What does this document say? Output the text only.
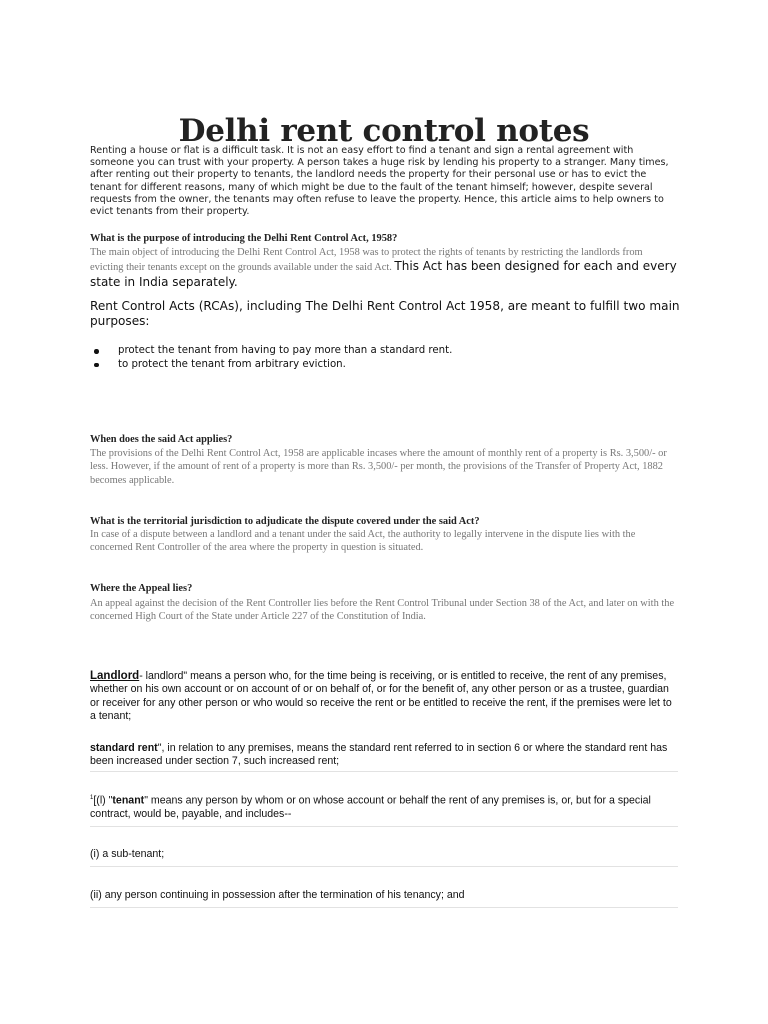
Delhi rent control notes
Renting a house or flat is a difficult task. It is not an easy effort to find a tenant and sign a rental agreement with someone you can trust with your property. A person takes a huge risk by lending his property to a stranger. Many times, after renting out their property to tenants, the landlord needs the property for their personal use or has to evict the tenant for different reasons, many of which might be due to the fault of the tenant himself; however, despite several requests from the owner, the tenants may often refuse to leave the property. Hence, this article aims to help owners to evict tenants from their property.
What is the purpose of introducing the Delhi Rent Control Act, 1958?
The main object of introducing the Delhi Rent Control Act, 1958 was to protect the rights of tenants by restricting the landlords from evicting their tenants except on the grounds available under the said Act. This Act has been designed for each and every state in India separately.
Rent Control Acts (RCAs), including The Delhi Rent Control Act 1958, are meant to fulfill two main purposes:
protect the tenant from having to pay more than a standard rent.
to protect the tenant from arbitrary eviction.
When does the said Act applies?
The provisions of the Delhi Rent Control Act, 1958 are applicable incases where the amount of monthly rent of a property is Rs. 3,500/- or less. However, if the amount of rent of a property is more than Rs. 3,500/- per month, the provisions of the Transfer of Property Act, 1882 becomes applicable.
What is the territorial jurisdiction to adjudicate the dispute covered under the said Act?
In case of a dispute between a landlord and a tenant under the said Act, the authority to legally intervene in the dispute lies with the concerned Rent Controller of the area where the property in question is situated.
Where the Appeal lies?
An appeal against the decision of the Rent Controller lies before the Rent Control Tribunal under Section 38 of the Act, and later on with the concerned High Court of the State under Article 227 of the Constitution of India.
Landlord- landlord" means a person who, for the time being is receiving, or is entitled to receive, the rent of any premises, whether on his own account or on account of or on behalf of, or for the benefit of, any other person or as a trustee, guardian or receiver for any other person or who would so receive the rent or be entitled to receive the rent, if the premises were let to a tenant;
standard rent", in relation to any premises, means the standard rent referred to in section 6 or where the standard rent has been increased under section 7, such increased rent;
$^1$[(l) "tenant" means any person by whom or on whose account or behalf the rent of any premises is, or, but for a special contract, would be, payable, and includes--
(i) a sub-tenant;
(ii) any person continuing in possession after the termination of his tenancy; and
